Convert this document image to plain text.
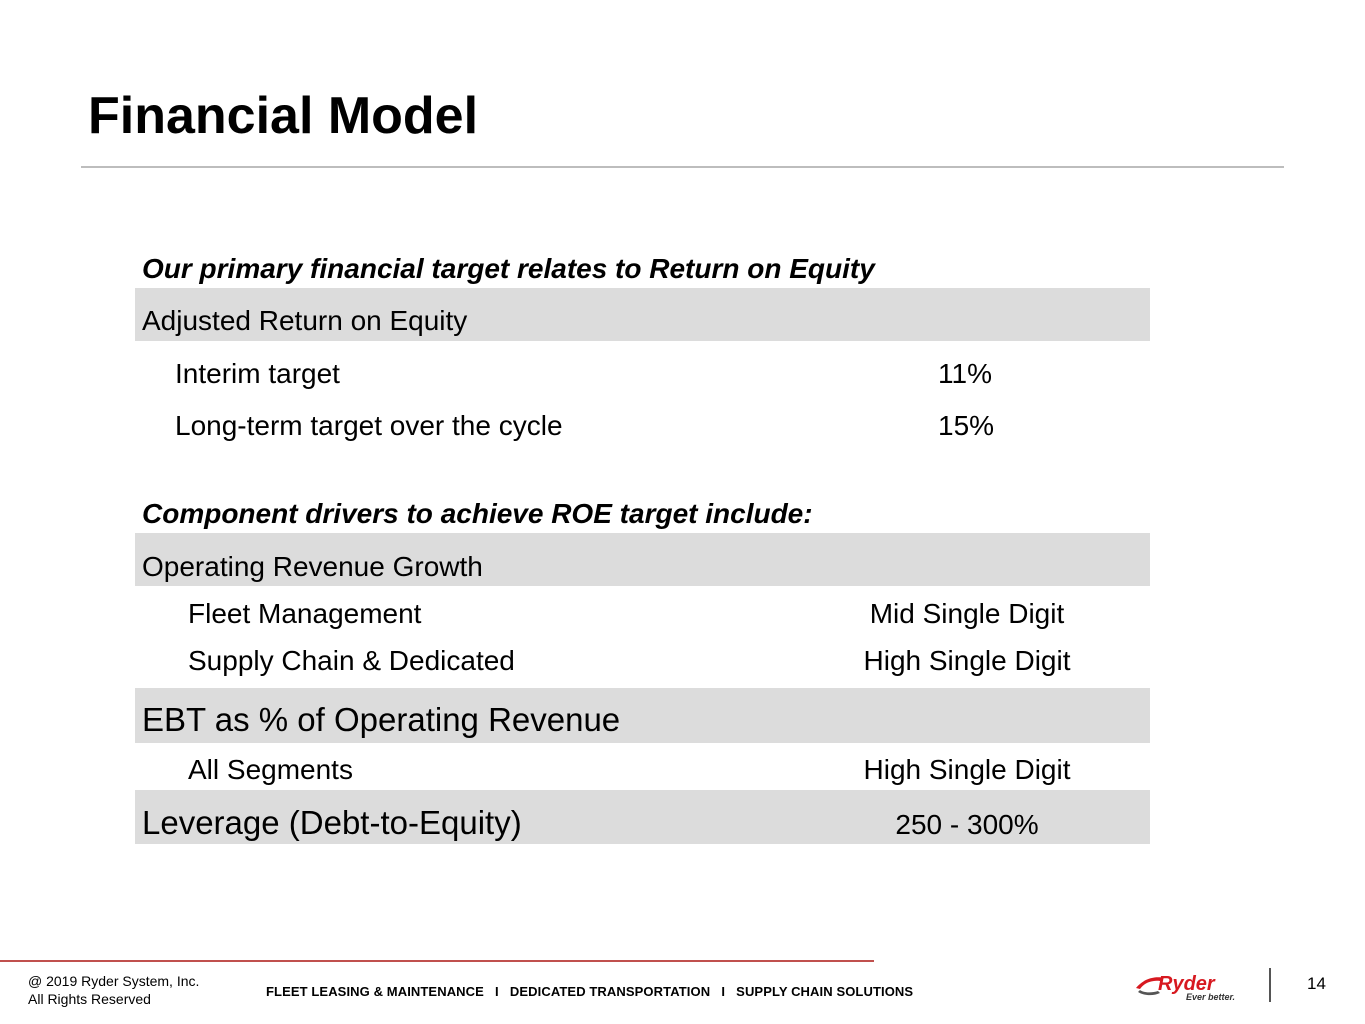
Financial Model
Our primary financial target relates to Return on Equity
Adjusted Return on Equity
Interim target	11%
Long-term target over the cycle	15%
Component drivers to achieve ROE target include:
Operating Revenue Growth
Fleet Management	Mid Single Digit
Supply Chain & Dedicated	High Single Digit
EBT as % of Operating Revenue
All Segments	High Single Digit
Leverage (Debt-to-Equity)	250 - 300%
@ 2019 Ryder System, Inc.
All Rights Reserved	FLEET LEASING & MAINTENANCE   I   DEDICATED TRANSPORTATION   I   SUPPLY CHAIN SOLUTIONS	Ryder
Ever better.
14
